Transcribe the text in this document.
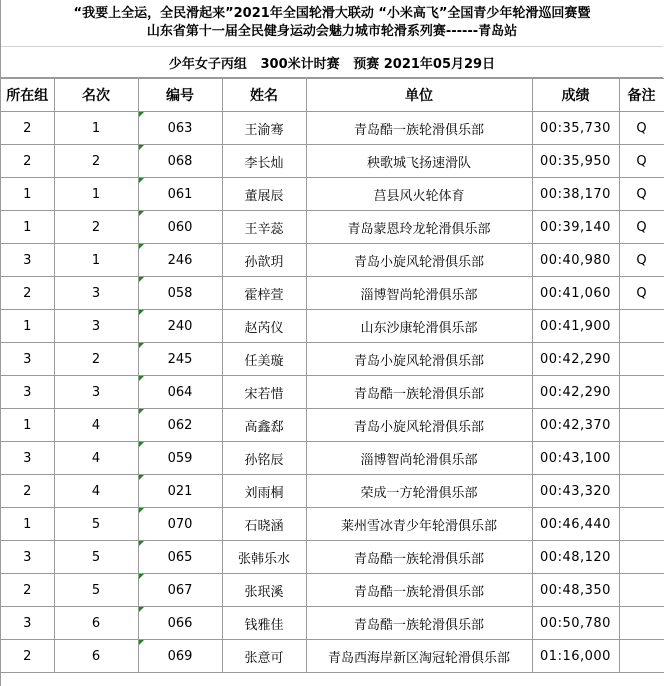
“我要上全运，全民滑起来”2021年全国轮滑大联动 “小米高飞”全国青少年轮滑巡回赛暨
山东省第十一届全民健身运动会魅力城市轮滑系列赛------青岛站
少年女子丙组   300米计时赛   预赛 2021年05月29日
所在组	名次	编号	姓名	单位	成绩	备注
2	1	063	王渝骞	青岛酷一族轮滑俱乐部	00:35,730	Q
2	2	068	李长灿	秧歌城飞扬速滑队	00:35,950	Q
1	1	061	董展辰	莒县风火轮体育	00:38,170	Q
1	2	060	王辛蕊	青岛蒙恩玲龙轮滑俱乐部	00:39,140	Q
3	1	246	孙歆玥	青岛小旋风轮滑俱乐部	00:40,980	Q
2	3	058	霍梓萱	淄博智尚轮滑俱乐部	00:41,060	Q
1	3	240	赵芮仪	山东沙康轮滑俱乐部	00:41,900	
3	2	245	任美璇	青岛小旋风轮滑俱乐部	00:42,290	
3	3	064	宋若惜	青岛酷一族轮滑俱乐部	00:42,290	
1	4	062	高鑫郄	青岛小旋风轮滑俱乐部	00:42,370	
3	4	059	孙铭辰	淄博智尚轮滑俱乐部	00:43,100	
2	4	021	刘雨桐	荣成一方轮滑俱乐部	00:43,320	
1	5	070	石晓涵	莱州雪冰青少年轮滑俱乐部	00:46,440	
3	5	065	张韩乐水	青岛酷一族轮滑俱乐部	00:48,120	
2	5	067	张珉溪	青岛酷一族轮滑俱乐部	00:48,350	
3	6	066	钱雅佳	青岛酷一族轮滑俱乐部	00:50,780	
2	6	069	张意可	青岛西海岸新区淘冠轮滑俱乐部	01:16,000	
